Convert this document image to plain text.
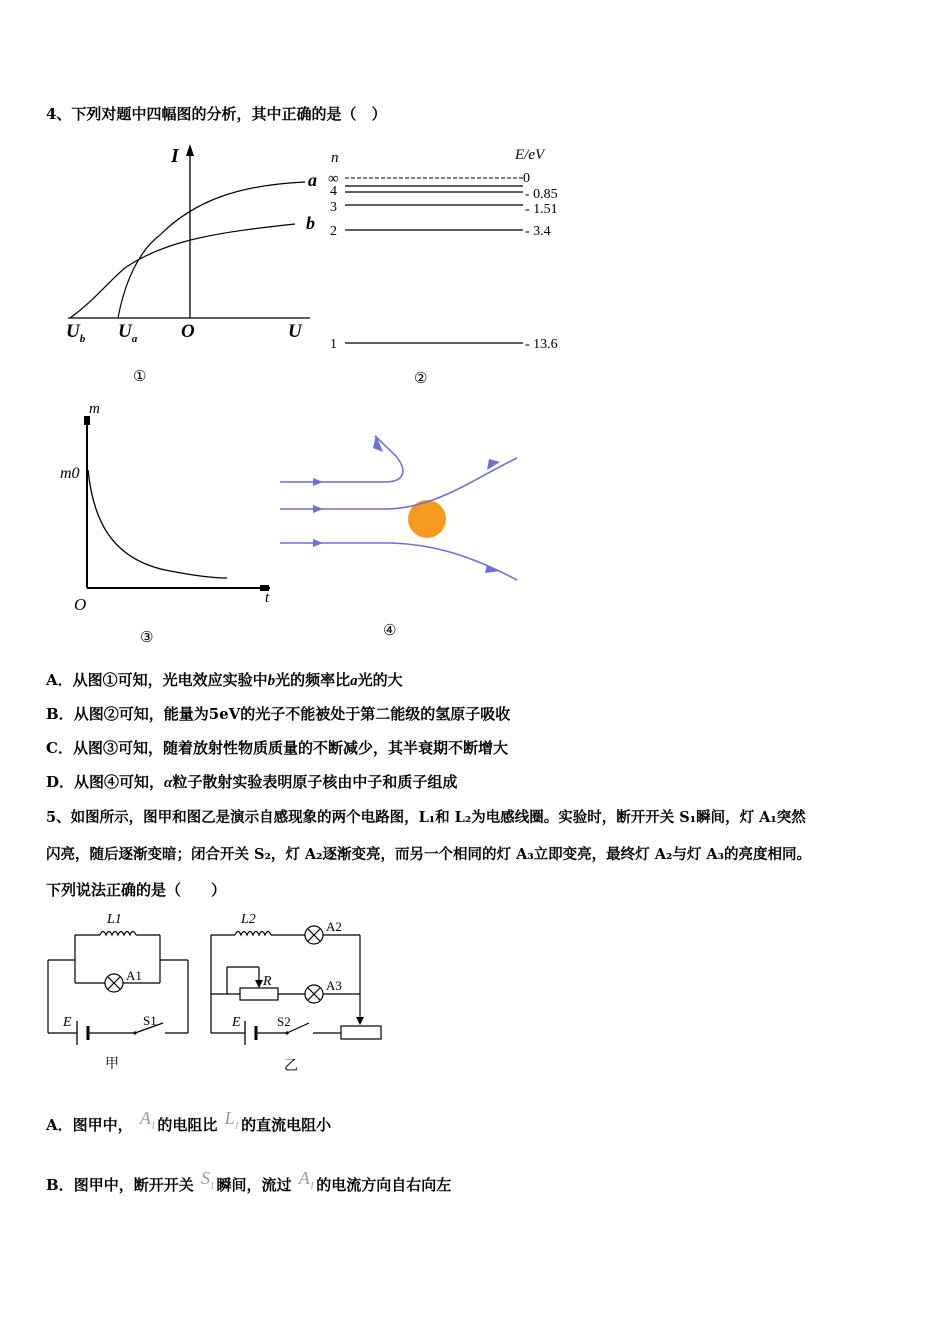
4、下列对题中四幅图的分析，其中正确的是（　）
I
a
b
$U_b$ $U_a$ O	U
①
n	E/eV
∞
4
3
2
1
0
- 0.85
- 1.51
- 3.4
- 13.6
②
m
m0
O	t
③	④
A．从图①可知，光电效应实验中b光的频率比a光的大
B．从图②可知，能量为5eV的光子不能被处于第二能级的氢原子吸收
C．从图③可知，随着放射性物质质量的不断减少，其半衰期不断增大
D．从图④可知，α粒子散射实验表明原子核由中子和质子组成
5、如图所示，图甲和图乙是演示自感现象的两个电路图，L₁和 L₂为电感线圈。实验时，断开开关 S₁瞬间，灯 A₁突然
闪亮，随后逐渐变暗；闭合开关 S₂，灯 A₂逐渐变亮，而另一个相同的灯 A₃立即变亮，最终灯 A₂与灯 A₃的亮度相同。
下列说法正确的是（　　）
L1
A1
E	S1
甲
L2	A2
R	A3
E	S2
乙
A．图甲中， $A_1$ 的电阻比 $L_1$ 的直流电阻小
B．图甲中，断开开关 $S_1$ 瞬间，流过 $A_1$ 的电流方向自右向左
